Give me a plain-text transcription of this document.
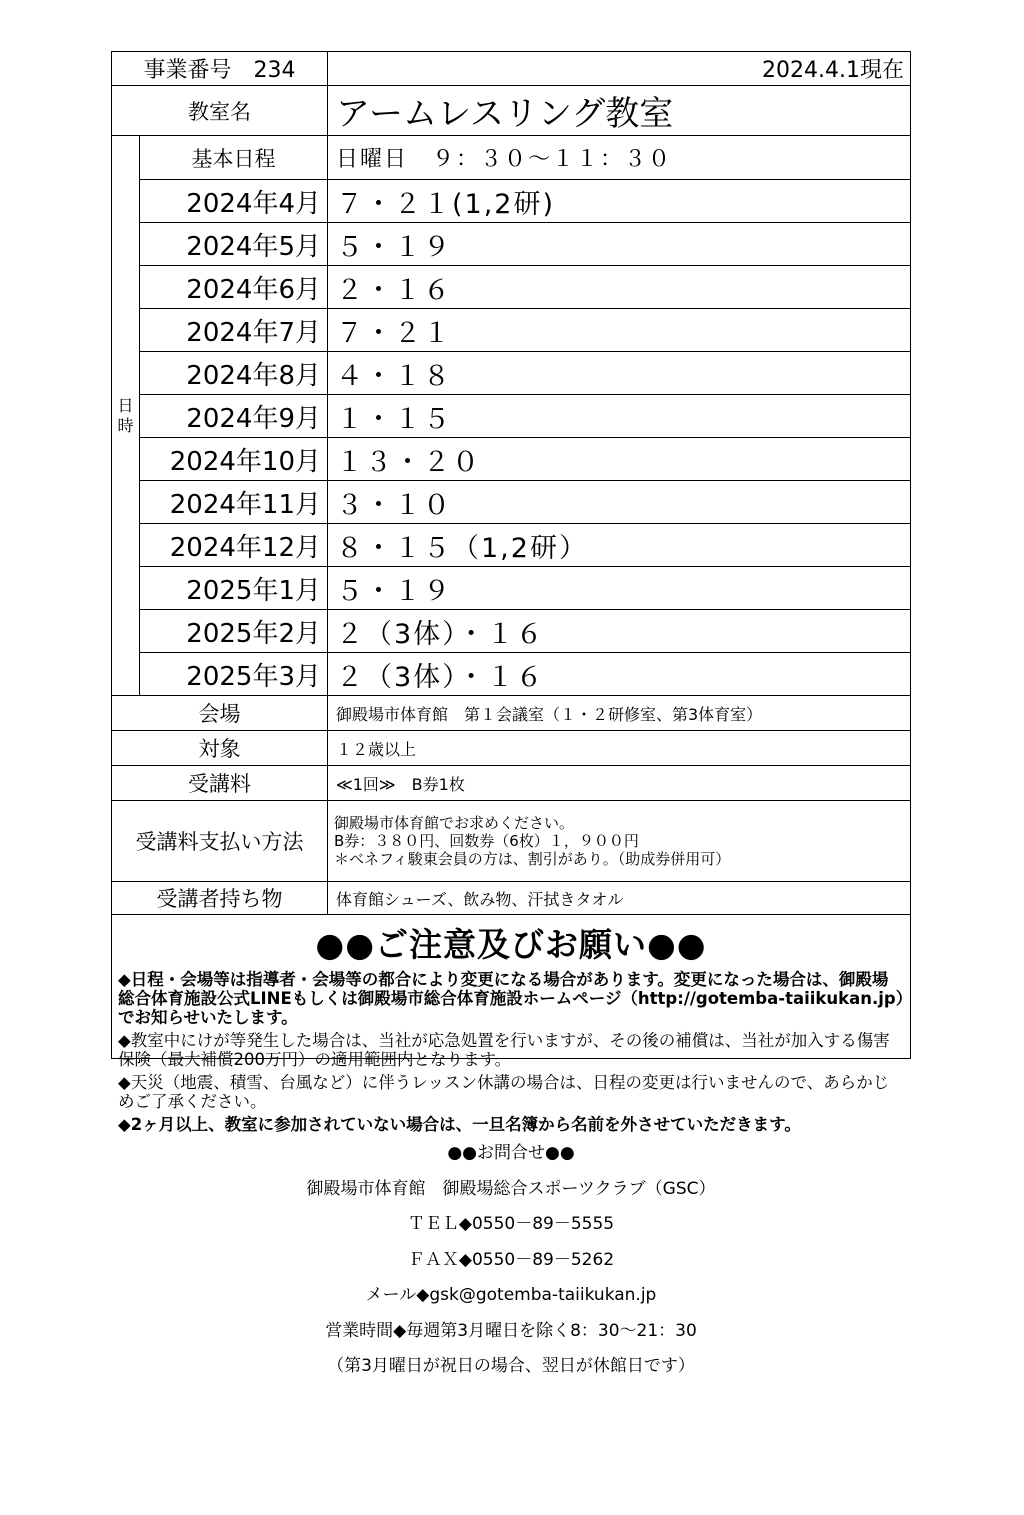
事業番号　234		2024.4.1現在
教室名		アームレスリング教室
日
時	基本日程	日曜日　９：３０～１１：３０
	2024年4月	７・２１(1,2研)
	2024年5月	５・１９
	2024年6月	２・１６
	2024年7月	７・２１
	2024年8月	４・１８
	2024年9月	１・１５
	2024年10月	１３・２０
	2024年11月	３・１０
	2024年12月	８・１５（1,2研）
	2025年1月	５・１９
	2025年2月	２（3体）・１６
	2025年3月	２（3体）・１６
会場		御殿場市体育館　第１会議室（１・２研修室、第3体育室）
対象		１２歳以上
受講料		≪1回≫　B券1枚
受講料支払い方法		御殿場市体育館でお求めください。
B券：３８０円、回数券（6枚）１，９００円
＊ベネフィ駿東会員の方は、割引があり。（助成券併用可）

受講者持ち物		体育館シューズ、飲み物、汗拭きタオル
●●ご注意及びお願い●●
◆日程・会場等は指導者・会場等の都合により変更になる場合があります。変更になった場合は、御殿場総合体育施設公式LINEもしくは御殿場市総合体育施設ホームページ（http://gotemba-taiikukan.jp）でお知らせいたします。
◆教室中にけが等発生した場合は、当社が応急処置を行いますが、その後の補償は、当社が加入する傷害保険（最大補償200万円）の適用範囲内となります。
◆天災（地震、積雪、台風など）に伴うレッスン休講の場合は、日程の変更は行いませんので、あらかじめご了承ください。
◆2ヶ月以上、教室に参加されていない場合は、一旦名簿から名前を外させていただきます。
●●お問合せ●●
御殿場市体育館　御殿場総合スポーツクラブ（GSC）
ＴＥＬ◆0550－89－5555
ＦＡＸ◆0550－89－5262
メール◆gsk@gotemba-taiikukan.jp
営業時間◆毎週第3月曜日を除く8：30～21：30
（第3月曜日が祝日の場合、翌日が休館日です）
